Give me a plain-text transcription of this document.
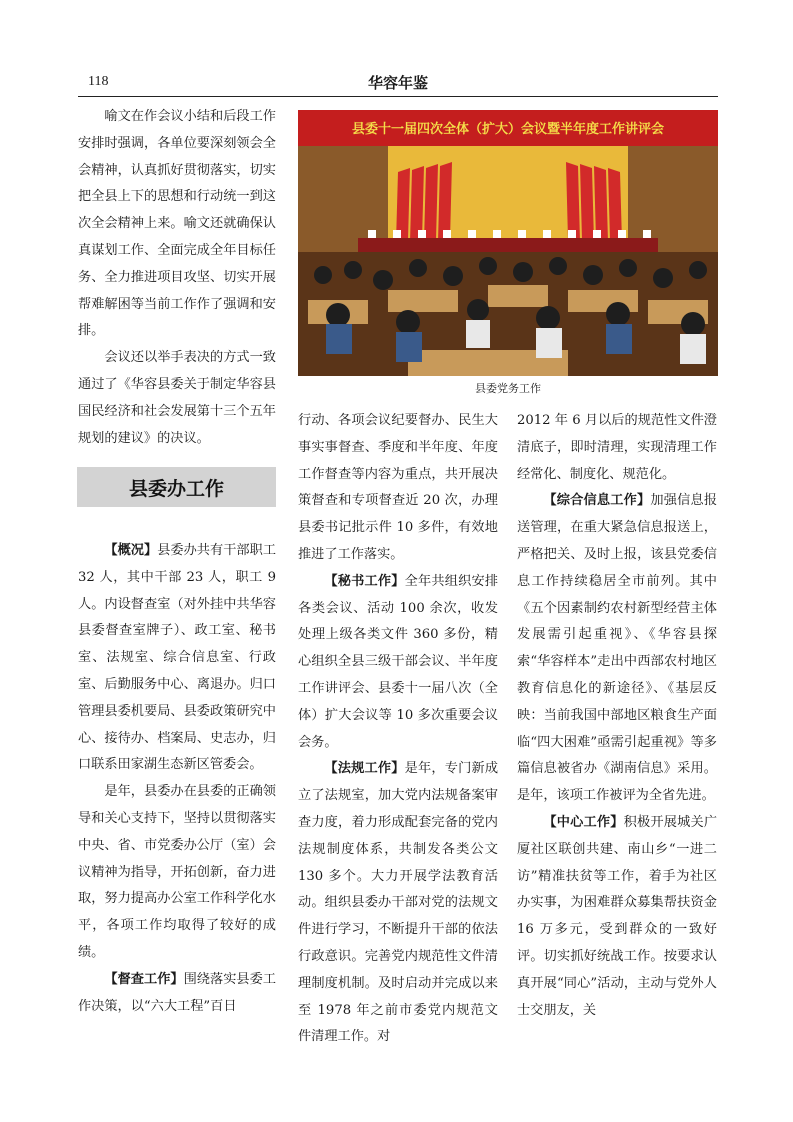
118	华容年鉴

喻文在作会议小结和后段工作安排时强调，各单位要深刻领会全会精神，认真抓好贯彻落实，切实把全县上下的思想和行动统一到这次全会精神上来。喻文还就确保认真谋划工作、全面完成全年目标任务、全力推进项目攻坚、切实开展帮难解困等当前工作作了强调和安排。

会议还以举手表决的方式一致通过了《华容县委关于制定华容县国民经济和社会发展第十三个五年规划的建议》的决议。

县委办工作

【概况】县委办共有干部职工 32 人，其中干部 23 人，职工 9 人。内设督查室（对外挂中共华容县委督查室牌子）、政工室、秘书室、法规室、综合信息室、行政室、后勤服务中心、离退办。归口管理县委机要局、县委政策研究中心、接待办、档案局、史志办，归口联系田家湖生态新区管委会。

是年，县委办在县委的正确领导和关心支持下，坚持以贯彻落实中央、省、市党委办公厅（室）会议精神为指导，开拓创新，奋力进取，努力提高办公室工作科学化水平，各项工作均取得了较好的成绩。

【督查工作】围绕落实县委工作决策，以“六大工程”百日

县委十一届四次全体（扩大）会议暨半年度工作讲评会
县委党务工作

行动、各项会议纪要督办、民生大事实事督查、季度和半年度、年度工作督查等内容为重点，共开展决策督查和专项督查近 20 次，办理县委书记批示件 10 多件，有效地推进了工作落实。

【秘书工作】全年共组织安排各类会议、活动 100 余次，收发处理上级各类文件 360 多份，精心组织全县三级干部会议、半年度工作讲评会、县委十一届八次（全体）扩大会议等 10 多次重要会议会务。

【法规工作】是年，专门新成立了法规室，加大党内法规备案审查力度，着力形成配套完备的党内法规制度体系，共制发各类公文 130 多个。大力开展学法教育活动。组织县委办干部对党的法规文件进行学习，不断提升干部的依法行政意识。完善党内规范性文件清理制度机制。及时启动并完成以来至 1978 年之前市委党内规范文件清理工作。对

2012 年 6 月以后的规范性文件澄清底子，即时清理，实现清理工作经常化、制度化、规范化。

【综合信息工作】加强信息报送管理，在重大紧急信息报送上，严格把关、及时上报，该县党委信息工作持续稳居全市前列。其中《五个因素制约农村新型经营主体发展需引起重视》、《华容县探索“华容样本”走出中西部农村地区教育信息化的新途径》、《基层反映：当前我国中部地区粮食生产面临“四大困难”亟需引起重视》等多篇信息被省办《湖南信息》采用。是年，该项工作被评为全省先进。

【中心工作】积极开展城关广厦社区联创共建、南山乡“一进二访”精准扶贫等工作，着手为社区办实事，为困难群众募集帮扶资金 16 万多元，受到群众的一致好评。切实抓好统战工作。按要求认真开展“同心”活动，主动与党外人士交朋友，关
